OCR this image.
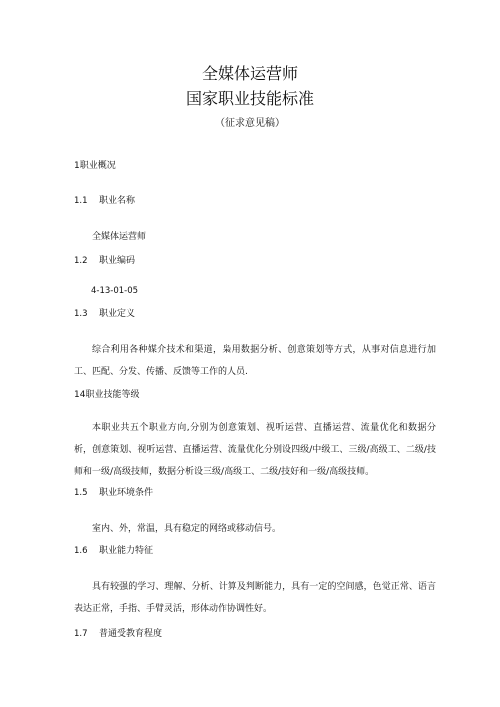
全媒体运营师
国家职业技能标准
（征求意见稿）
1职业概况
1.1 职业名称
全媒体运营师
1.2 职业编码
4-13-01-05
1.3 职业定义
综合利用各种媒介技术和渠道，枭用数据分析、创意策划等方式，从事对信息进行加工、匹配、分发、传播、反馈等工作的人员.
14职业技能等级
本职业共五个职业方向,分别为创意策划、视听运营、直播运营、流量优化和数据分析，创意策划、视听运营、直播运营、流量优化分别设四级/中级工、三级/高级工、二级/技师和一级/高级技师，数据分析设三级/高级工、二级/技好和一级/高级技师。
1.5 职业环境条件
室内、外，常温，具有稳定的网络或移动信号。
1.6 职业能力特征
具有较强的学习、理解、分析、计算及判断能力，具有一定的空间感，色觉正常、语言表达正常，手指、手臂灵活，形体动作协调性好。
1.7 普通受教育程度
